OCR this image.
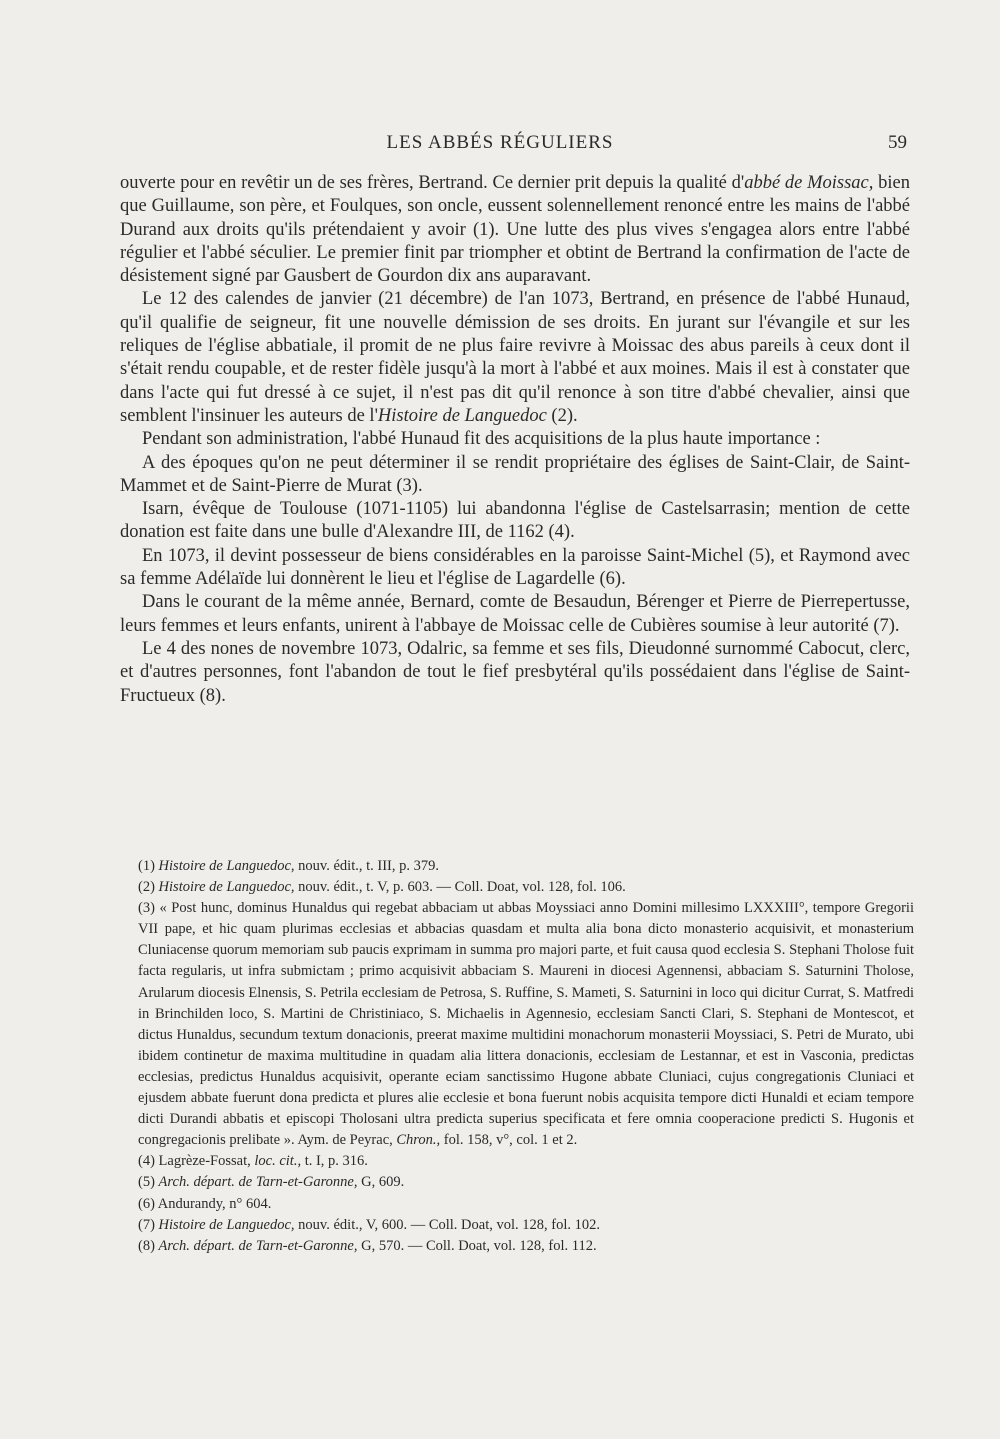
LES ABBÉS RÉGULIERS	59

ouverte pour en revêtir un de ses frères, Bertrand. Ce dernier prit depuis la qualité d'abbé de Moissac, bien que Guillaume, son père, et Foulques, son oncle, eussent solennellement renoncé entre les mains de l'abbé Durand aux droits qu'ils prétendaient y avoir (1). Une lutte des plus vives s'engagea alors entre l'abbé régulier et l'abbé séculier. Le premier finit par triompher et obtint de Bertrand la confirmation de l'acte de désistement signé par Gausbert de Gourdon dix ans auparavant.

Le 12 des calendes de janvier (21 décembre) de l'an 1073, Bertrand, en présence de l'abbé Hunaud, qu'il qualifie de seigneur, fit une nouvelle démission de ses droits. En jurant sur l'évangile et sur les reliques de l'église abbatiale, il promit de ne plus faire revivre à Moissac des abus pareils à ceux dont il s'était rendu coupable, et de rester fidèle jusqu'à la mort à l'abbé et aux moines. Mais il est à constater que dans l'acte qui fut dressé à ce sujet, il n'est pas dit qu'il renonce à son titre d'abbé chevalier, ainsi que semblent l'insinuer les auteurs de l'Histoire de Languedoc (2).

Pendant son administration, l'abbé Hunaud fit des acquisitions de la plus haute importance :

A des époques qu'on ne peut déterminer il se rendit propriétaire des églises de Saint-Clair, de Saint-Mammet et de Saint-Pierre de Murat (3).

Isarn, évêque de Toulouse (1071-1105) lui abandonna l'église de Castelsarrasin; mention de cette donation est faite dans une bulle d'Alexandre III, de 1162 (4).

En 1073, il devint possesseur de biens considérables en la paroisse Saint-Michel (5), et Raymond avec sa femme Adélaïde lui donnèrent le lieu et l'église de Lagardelle (6).

Dans le courant de la même année, Bernard, comte de Besaudun, Bérenger et Pierre de Pierrepertusse, leurs femmes et leurs enfants, unirent à l'abbaye de Moissac celle de Cubières soumise à leur autorité (7).

Le 4 des nones de novembre 1073, Odalric, sa femme et ses fils, Dieudonné surnommé Cabocut, clerc, et d'autres personnes, font l'abandon de tout le fief presbytéral qu'ils possédaient dans l'église de Saint-Fructueux (8).

(1) Histoire de Languedoc, nouv. édit., t. III, p. 379.

(2) Histoire de Languedoc, nouv. édit., t. V, p. 603. — Coll. Doat, vol. 128, fol. 106.

(3) « Post hunc, dominus Hunaldus qui regebat abbaciam ut abbas Moyssiaci anno Domini millesimo LXXXIII°, tempore Gregorii VII pape, et hic quam plurimas ecclesias et abbacias quasdam et multa alia bona dicto monasterio acquisivit, et monasterium Cluniacense quorum memoriam sub paucis exprimam in summa pro majori parte, et fuit causa quod ecclesia S. Stephani Tholose fuit facta regularis, ut infra submictam ; primo acquisivit abbaciam S. Maureni in diocesi Agennensi, abbaciam S. Saturnini Tholose, Arularum diocesis Elnensis, S. Petrila ecclesiam de Petrosa, S. Ruffine, S. Mameti, S. Saturnini in loco qui dicitur Currat, S. Matfredi in Brinchilden loco, S. Martini de Christiniaco, S. Michaelis in Agennesio, ecclesiam Sancti Clari, S. Stephani de Montescot, et dictus Hunaldus, secundum textum donacionis, preerat maxime multidini monachorum monasterii Moyssiaci, S. Petri de Murato, ubi ibidem continetur de maxima multitudine in quadam alia littera donacionis, ecclesiam de Lestannar, et est in Vasconia, predictas ecclesias, predictus Hunaldus acquisivit, operante eciam sanctissimo Hugone abbate Cluniaci, cujus congregationis Cluniaci et ejusdem abbate fuerunt dona predicta et plures alie ecclesie et bona fuerunt nobis acquisita tempore dicti Hunaldi et eciam tempore dicti Durandi abbatis et episcopi Tholosani ultra predicta superius specificata et fere omnia cooperacione predicti S. Hugonis et congregacionis prelibate ». Aym. de Peyrac, Chron., fol. 158, v°, col. 1 et 2.

(4) Lagrèze-Fossat, loc. cit., t. I, p. 316.

(5) Arch. départ. de Tarn-et-Garonne, G, 609.

(6) Andurandy, n° 604.

(7) Histoire de Languedoc, nouv. édit., V, 600. — Coll. Doat, vol. 128, fol. 102.

(8) Arch. départ. de Tarn-et-Garonne, G, 570. — Coll. Doat, vol. 128, fol. 112.
